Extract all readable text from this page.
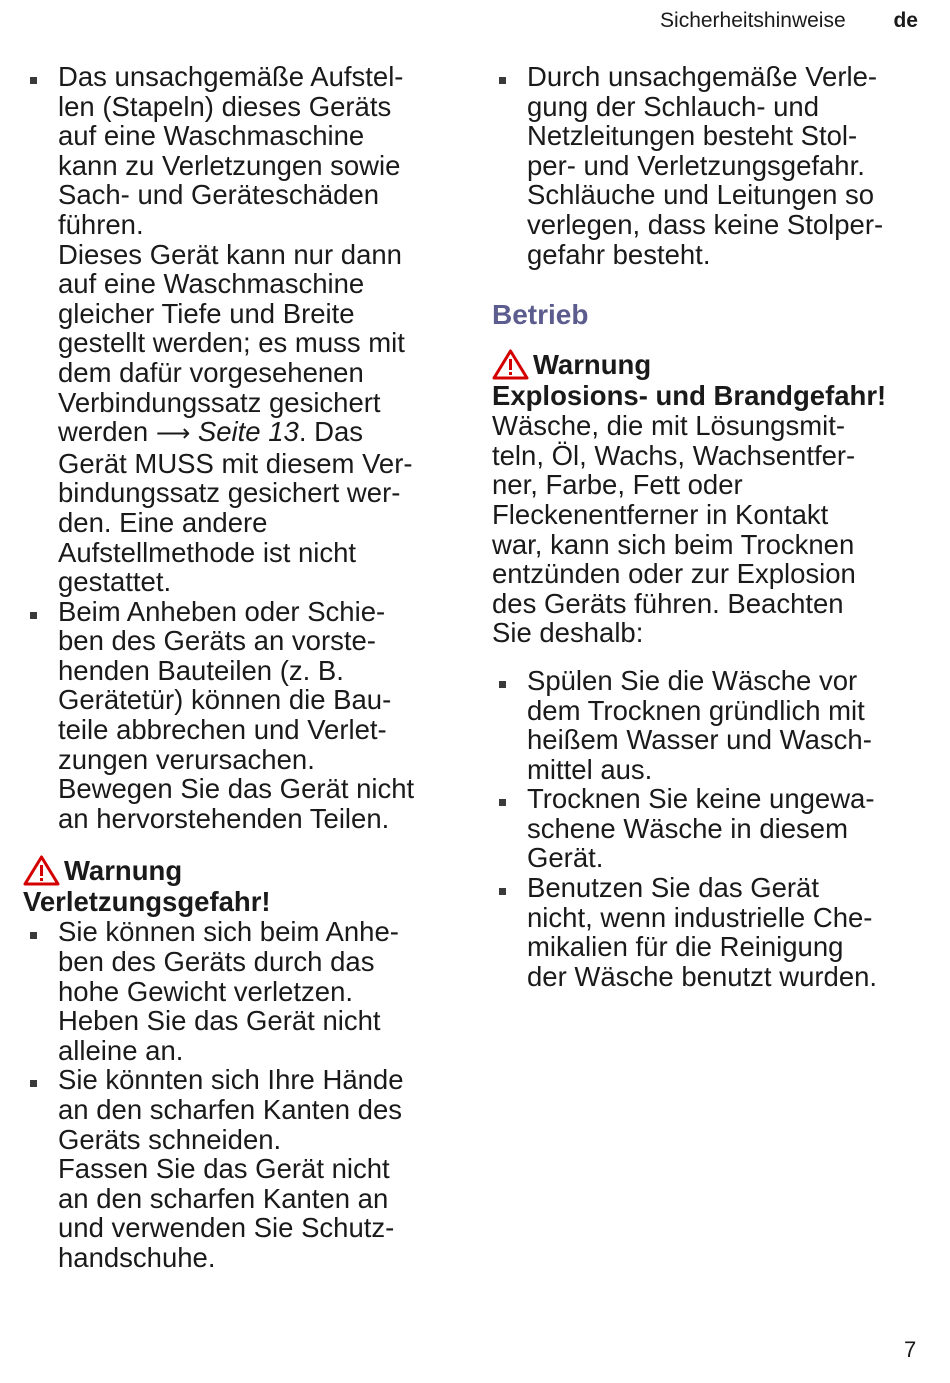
Sicherheitshinweise de
Das unsachgemäße Aufstel-
len (Stapeln) dieses Geräts
auf eine Waschmaschine
kann zu Verletzungen sowie
Sach- und Geräteschäden
führen.
Dieses Gerät kann nur dann
auf eine Waschmaschine
gleicher Tiefe und Breite
gestellt werden; es muss mit
dem dafür vorgesehenen
Verbindungssatz gesichert
werden ⟶ Seite 13. Das
Gerät MUSS mit diesem Ver-
bindungssatz gesichert wer-
den. Eine andere
Aufstellmethode ist nicht
gestattet.
Beim Anheben oder Schie-
ben des Geräts an vorste-
henden Bauteilen (z. B.
Gerätetür) können die Bau-
teile abbrechen und Verlet-
zungen verursachen.
Bewegen Sie das Gerät nicht
an hervorstehenden Teilen.
Warnung
Verletzungsgefahr!
Sie können sich beim Anhe-
ben des Geräts durch das
hohe Gewicht verletzen.
Heben Sie das Gerät nicht
alleine an.
Sie könnten sich Ihre Hände
an den scharfen Kanten des
Geräts schneiden.
Fassen Sie das Gerät nicht
an den scharfen Kanten an
und verwenden Sie Schutz-
handschuhe.
Durch unsachgemäße Verle-
gung der Schlauch- und
Netzleitungen besteht Stol-
per- und Verletzungsgefahr.
Schläuche und Leitungen so
verlegen, dass keine Stolper-
gefahr besteht.
Betrieb
Warnung
Explosions- und Brandgefahr!
Wäsche, die mit Lösungsmit-
teln, Öl, Wachs, Wachsentfer-
ner, Farbe, Fett oder
Fleckenentferner in Kontakt
war, kann sich beim Trocknen
entzünden oder zur Explosion
des Geräts führen. Beachten
Sie deshalb:
Spülen Sie die Wäsche vor
dem Trocknen gründlich mit
heißem Wasser und Wasch-
mittel aus.
Trocknen Sie keine ungewa-
schene Wäsche in diesem
Gerät.
Benutzen Sie das Gerät
nicht, wenn industrielle Che-
mikalien für die Reinigung
der Wäsche benutzt wurden.
7
